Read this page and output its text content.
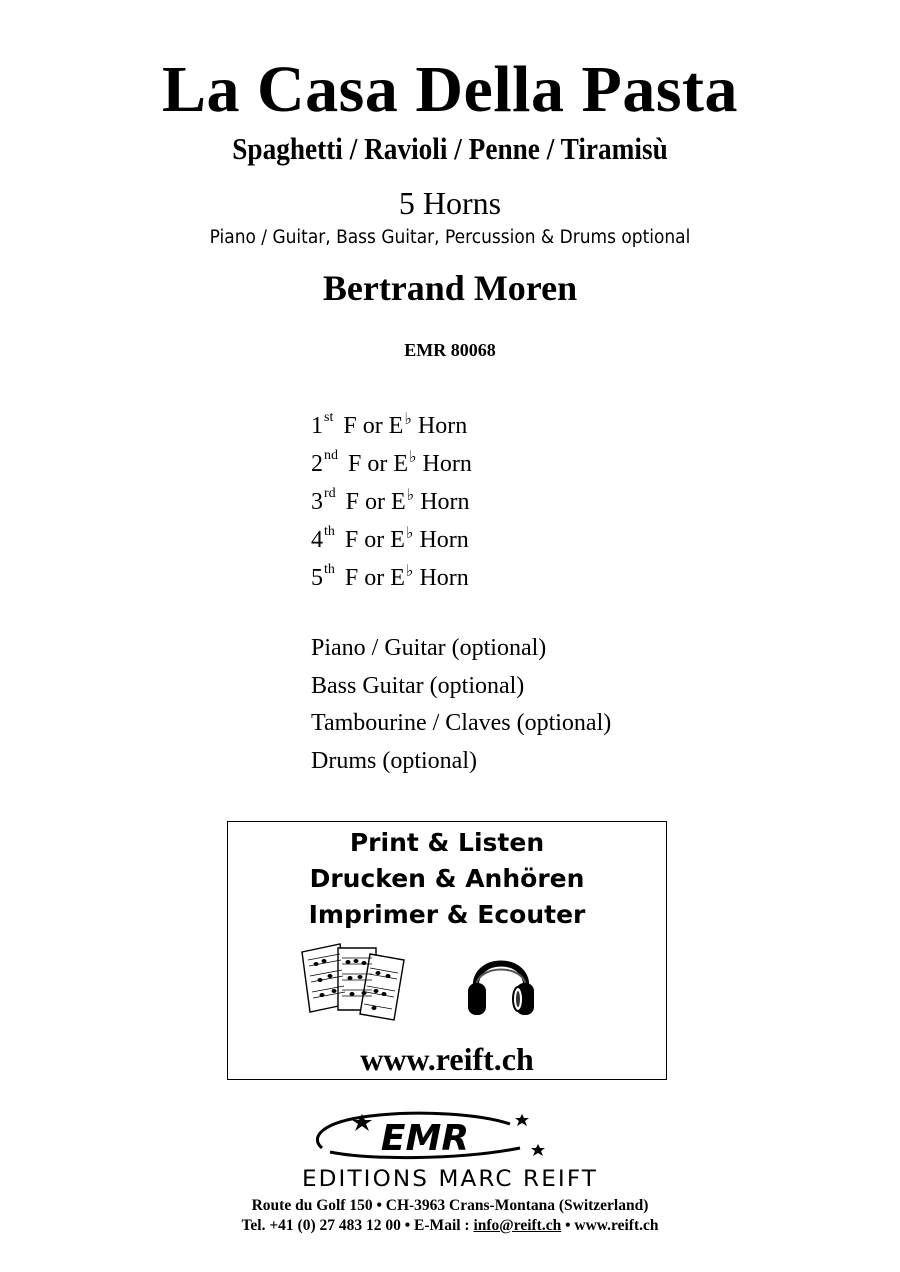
La Casa Della Pasta
Spaghetti / Ravioli / Penne / Tiramisù
5 Horns
Piano / Guitar, Bass Guitar, Percussion & Drums optional
Bertrand Moren
EMR 80068
1st F or E♭ Horn
2nd F or E♭ Horn
3rd F or E♭ Horn
4th F or E♭ Horn
5th F or E♭ Horn
Piano / Guitar (optional)
Bass Guitar (optional)
Tambourine / Claves (optional)
Drums (optional)
Print & Listen
Drucken & Anhören
Imprimer & Ecouter
www.reift.ch
EMR
EDITIONS MARC REIFT
Route du Golf 150 • CH-3963 Crans-Montana (Switzerland)
Tel. +41 (0) 27 483 12 00 • E-Mail : info@reift.ch • www.reift.ch
